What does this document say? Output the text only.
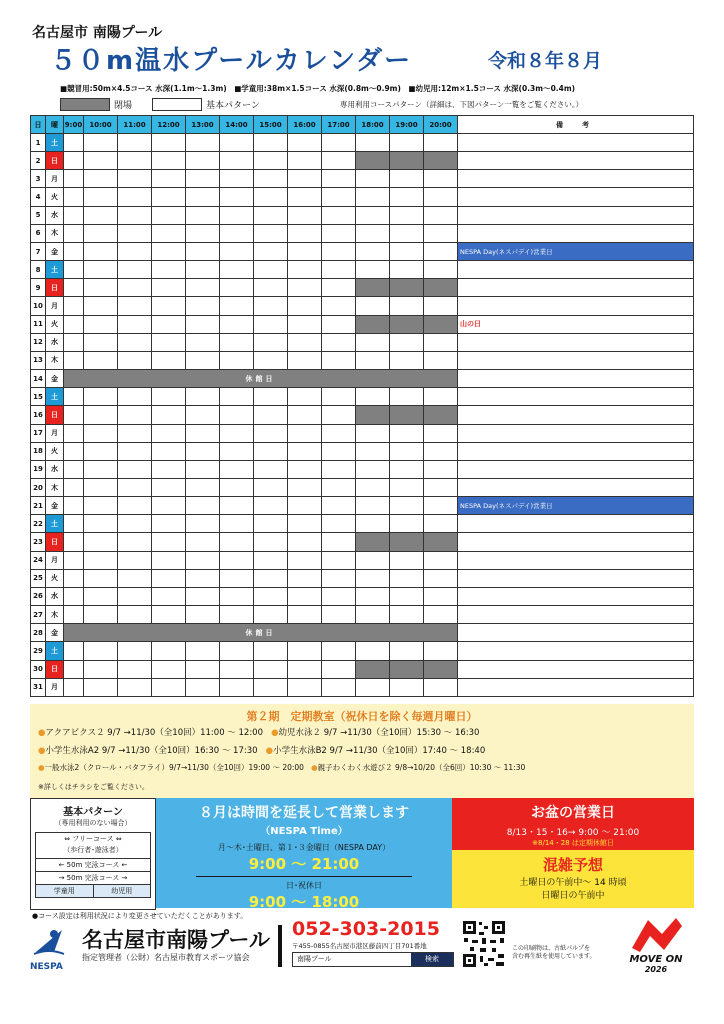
名古屋市 南陽プール
５０m温水プールカレンダー	令和８年８月
■競冒用:50m×4.5コース 水深(1.1m～1.3m)　■学童用:38m×1.5コース 水深(0.8m～0.9m)　■幼児用:12m×1.5コース 水深(0.3m～0.4m)
閉場	基本パターン	専用利用コースパターン（詳細は、下図パターン一覧をご覧ください。）
日	曜	9:00	10:00	11:00	12:00	13:00	14:00	15:00	16:00	17:00	18:00	19:00	20:00	備　考
1	土													
2	日													
3	月													
4	火													
5	水													
6	木													
7	金													NESPA Day(ネスパデイ)営業日
8	土													
9	日													
10	月													
11	火													山の日
12	水													
13	木													
14	金	休館日												
15	土													
16	日													
17	月													
18	火													
19	水													
20	木													
21	金													NESPA Day(ネスパデイ)営業日
22	土													
23	日													
24	月													
25	火													
26	水													
27	木													
28	金	休館日												
29	土													
30	日													
31	月													
第２期　定期教室（祝休日を除く毎週月曜日）
●アクアビクス２ 9/7 →11/30（全10回）11:00 ～ 12:00 ●幼児水泳２ 9/7 →11/30（全10回）15:30 ～ 16:30
●小学生水泳A2 9/7 →11/30（全10回）16:30 ～ 17:30 ●小学生水泳B2 9/7 →11/30（全10回）17:40 ～ 18:40
●一般水泳2（クロール・バタフライ）9/7→11/30（全10回）19:00 ～ 20:00 ●親子わくわく水遊び２ 9/8→10/20（全6回）10:30 ～ 11:30
※詳しくはチラシをご覧ください。
基本パターン
（専用利用のない場合）
⇔ フリーコース ⇔
（歩行者･遊泳者）
← 50m 完泳コース ←
→ 50m 完泳コース →
学童用	幼児用
８月は時間を延長して営業します
（NESPA Time）
月～木･土曜日、第１･３金曜日（NESPA DAY）
9:00 ～ 21:00
日･祝休日
9:00 ～ 18:00
お盆の営業日
8/13・15・16→ 9:00 ～ 21:00
※8/14・28 は定期休館日
混雑予想
土曜日の午前中～ 14 時頃
日曜日の午前中
●コース設定は利用状況により変更させていただくことがあります。
NESPA
名古屋市南陽プール
指定管理者（公財）名古屋市教育スポーツ協会
052-303-2015
〒455-0855名古屋市港区藤前四丁目701番地
南陽プール	検索
この印刷物は、古紙パルプを
含む再生紙を使用しています。	MOVE ON
2026
